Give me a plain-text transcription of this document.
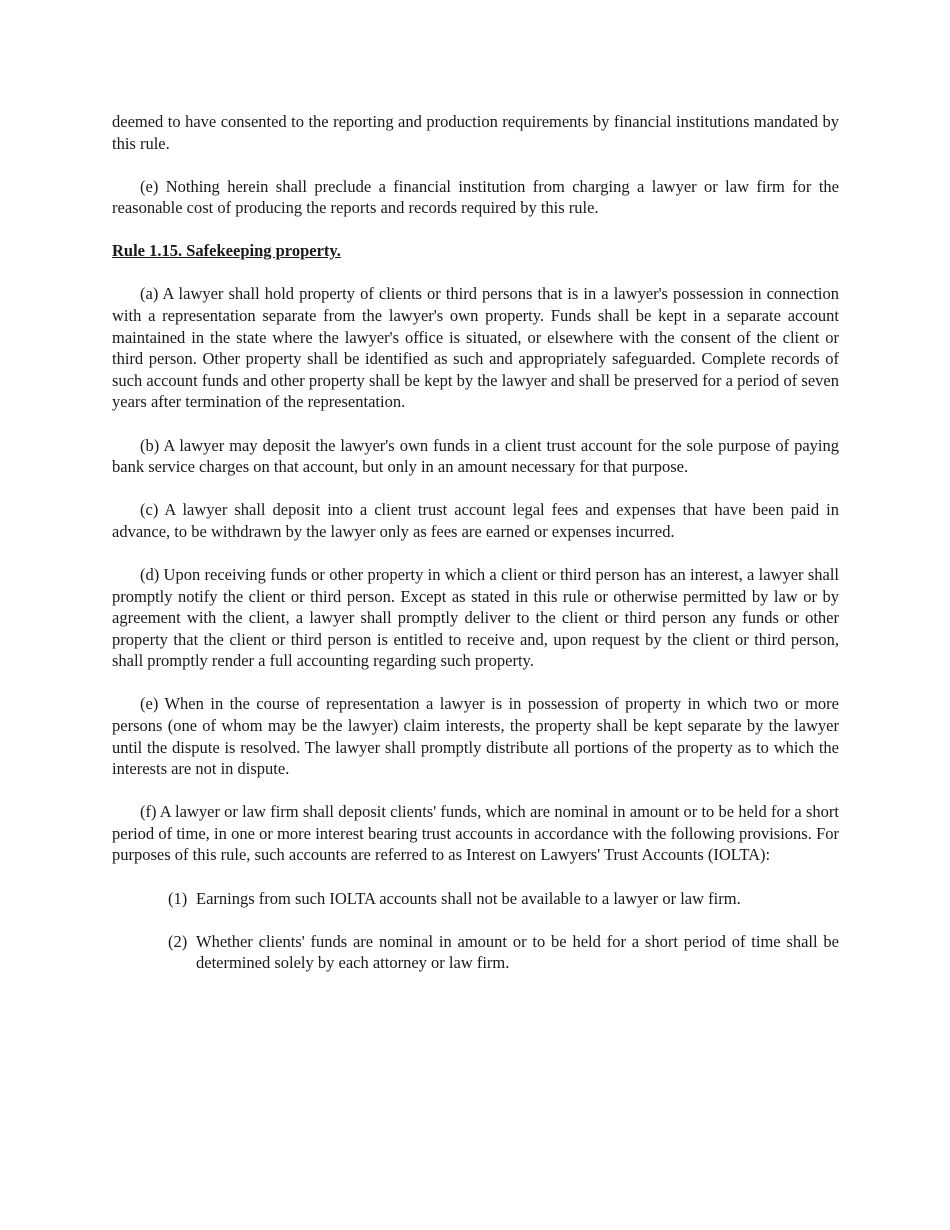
deemed to have consented to the reporting and production requirements by financial institutions mandated by this rule.

(e) Nothing herein shall preclude a financial institution from charging a lawyer or law firm for the reasonable cost of producing the reports and records required by this rule.

Rule 1.15. Safekeeping property.

(a) A lawyer shall hold property of clients or third persons that is in a lawyer's possession in connection with a representation separate from the lawyer's own property. Funds shall be kept in a separate account maintained in the state where the lawyer's office is situated, or elsewhere with the consent of the client or third person. Other property shall be identified as such and appropriately safeguarded. Complete records of such account funds and other property shall be kept by the lawyer and shall be preserved for a period of seven years after termination of the representation.

(b) A lawyer may deposit the lawyer's own funds in a client trust account for the sole purpose of paying bank service charges on that account, but only in an amount necessary for that purpose.

(c) A lawyer shall deposit into a client trust account legal fees and expenses that have been paid in advance, to be withdrawn by the lawyer only as fees are earned or expenses incurred.

(d) Upon receiving funds or other property in which a client or third person has an interest, a lawyer shall promptly notify the client or third person. Except as stated in this rule or otherwise permitted by law or by agreement with the client, a lawyer shall promptly deliver to the client or third person any funds or other property that the client or third person is entitled to receive and, upon request by the client or third person, shall promptly render a full accounting regarding such property.

(e) When in the course of representation a lawyer is in possession of property in which two or more persons (one of whom may be the lawyer) claim interests, the property shall be kept separate by the lawyer until the dispute is resolved. The lawyer shall promptly distribute all portions of the property as to which the interests are not in dispute.

(f) A lawyer or law firm shall deposit clients' funds, which are nominal in amount or to be held for a short period of time, in one or more interest bearing trust accounts in accordance with the following provisions. For purposes of this rule, such accounts are referred to as Interest on Lawyers' Trust Accounts (IOLTA):

(1) Earnings from such IOLTA accounts shall not be available to a lawyer or law firm.

(2) Whether clients' funds are nominal in amount or to be held for a short period of time shall be determined solely by each attorney or law firm.
